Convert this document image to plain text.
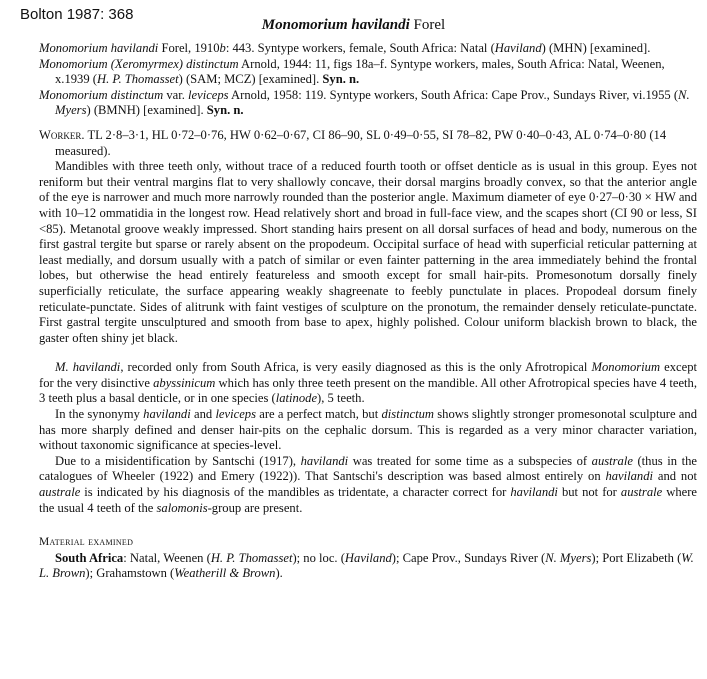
Bolton 1987: 368
Monomorium havilandi Forel

Monomorium havilandi Forel, 1910b: 443. Syntype workers, female, South Africa: Natal (Haviland) (MHN) [examined].

Monomorium (Xeromyrmex) distinctum Arnold, 1944: 11, figs 18a–f. Syntype workers, males, South Africa: Natal, Weenen, x.1939 (H. P. Thomasset) (SAM; MCZ) [examined]. Syn. n.

Monomorium distinctum var. leviceps Arnold, 1958: 119. Syntype workers, South Africa: Cape Prov., Sundays River, vi.1955 (N. Myers) (BMNH) [examined]. Syn. n.

Worker. TL 2·8–3·1, HL 0·72–0·76, HW 0·62–0·67, CI 86–90, SL 0·49–0·55, SI 78–82, PW 0·40–0·43, AL 0·74–0·80 (14 measured).

Mandibles with three teeth only, without trace of a reduced fourth tooth or offset denticle as is usual in this group. Eyes not reniform but their ventral margins flat to very shallowly concave, their dorsal margins broadly convex, so that the anterior angle of the eye is narrower and much more narrowly rounded than the posterior angle. Maximum diameter of eye 0·27–0·30 × HW and with 10–12 ommatidia in the longest row. Head relatively short and broad in full-face view, and the scapes short (CI 90 or less, SI <85). Metanotal groove weakly impressed. Short standing hairs present on all dorsal surfaces of head and body, numerous on the first gastral tergite but sparse or rarely absent on the propodeum. Occipital surface of head with superficial reticular patterning at least medially, and dorsum usually with a patch of similar or even fainter patterning in the area immediately behind the frontal lobes, but otherwise the head entirely featureless and smooth except for small hair-pits. Promesonotum dorsally finely superficially reticulate, the surface appearing weakly shagreenate to feebly punctulate in places. Propodeal dorsum finely reticulate-punctate. Sides of alitrunk with faint vestiges of sculpture on the pronotum, the remainder densely reticulate-punctate. First gastral tergite unsculptured and smooth from base to apex, highly polished. Colour uniform blackish brown to black, the gaster often shiny jet black.

M. havilandi, recorded only from South Africa, is very easily diagnosed as this is the only Afrotropical Monomorium except for the very disinctive abyssinicum which has only three teeth present on the mandible. All other Afrotropical species have 4 teeth, 3 teeth plus a basal denticle, or in one species (latinode), 5 teeth.

In the synonymy havilandi and leviceps are a perfect match, but distinctum shows slightly stronger promesonotal sculpture and has more sharply defined and denser hair-pits on the cephalic dorsum. This is regarded as a very minor character variation, without taxonomic significance at species-level.

Due to a misidentification by Santschi (1917), havilandi was treated for some time as a subspecies of australe (thus in the catalogues of Wheeler (1922) and Emery (1922)). That Santschi's description was based almost entirely on havilandi and not australe is indicated by his diagnosis of the mandibles as tridentate, a character correct for havilandi but not for australe where the usual 4 teeth of the salomonis-group are present.

Material examined

South Africa: Natal, Weenen (H. P. Thomasset); no loc. (Haviland); Cape Prov., Sundays River (N. Myers); Port Elizabeth (W. L. Brown); Grahamstown (Weatherill & Brown).
